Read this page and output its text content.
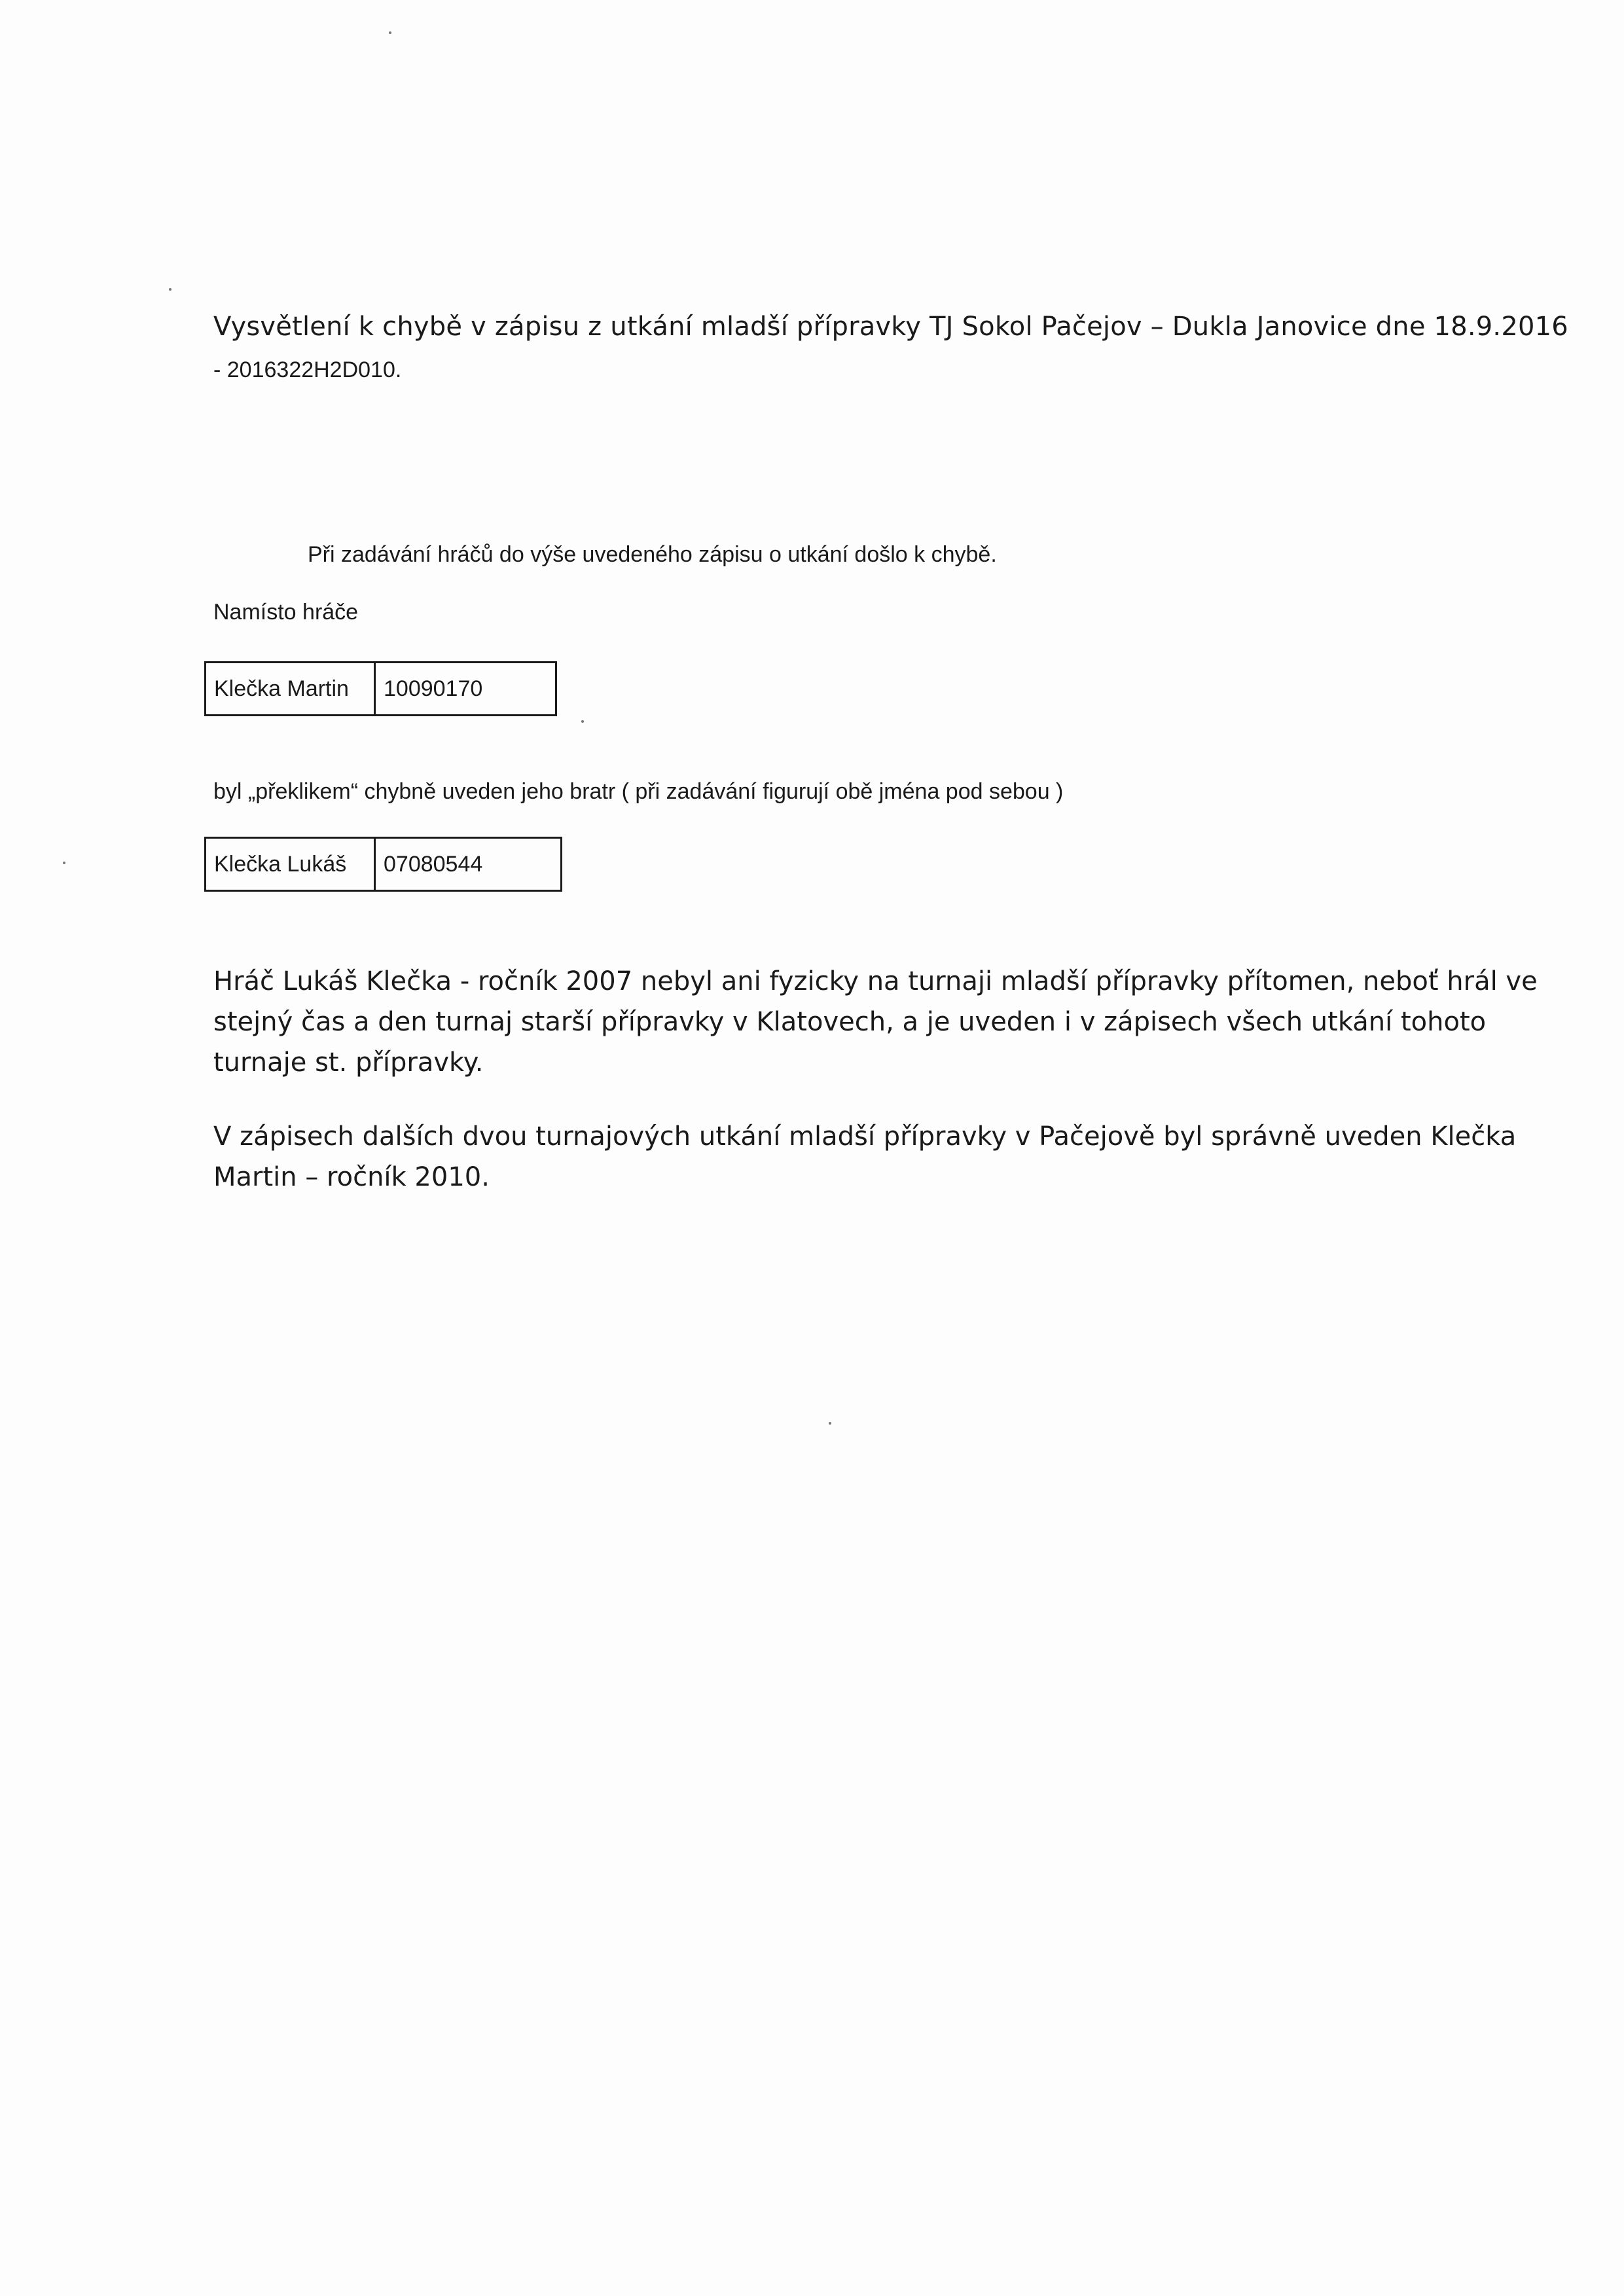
Vysvětlení k chybě v zápisu z utkání mladší přípravky TJ Sokol Pačejov – Dukla Janovice dne 18.9.2016
- 2016322H2D010.
Při zadávání hráčů do výše uvedeného zápisu o utkání došlo k chybě.
Namísto hráče
Klečka Martin	10090170
byl „překlikem“ chybně uveden jeho bratr ( při zadávání figurují obě jména pod sebou )
Klečka Lukáš	07080544
Hráč Lukáš Klečka - ročník 2007 nebyl ani fyzicky na turnaji mladší přípravky přítomen, neboť hrál ve
stejný čas a den turnaj starší přípravky v Klatovech, a je uveden i v zápisech všech utkání tohoto
turnaje st. přípravky.
V zápisech dalších dvou turnajových utkání mladší přípravky v Pačejově byl správně uveden Klečka
Martin – ročník 2010.
